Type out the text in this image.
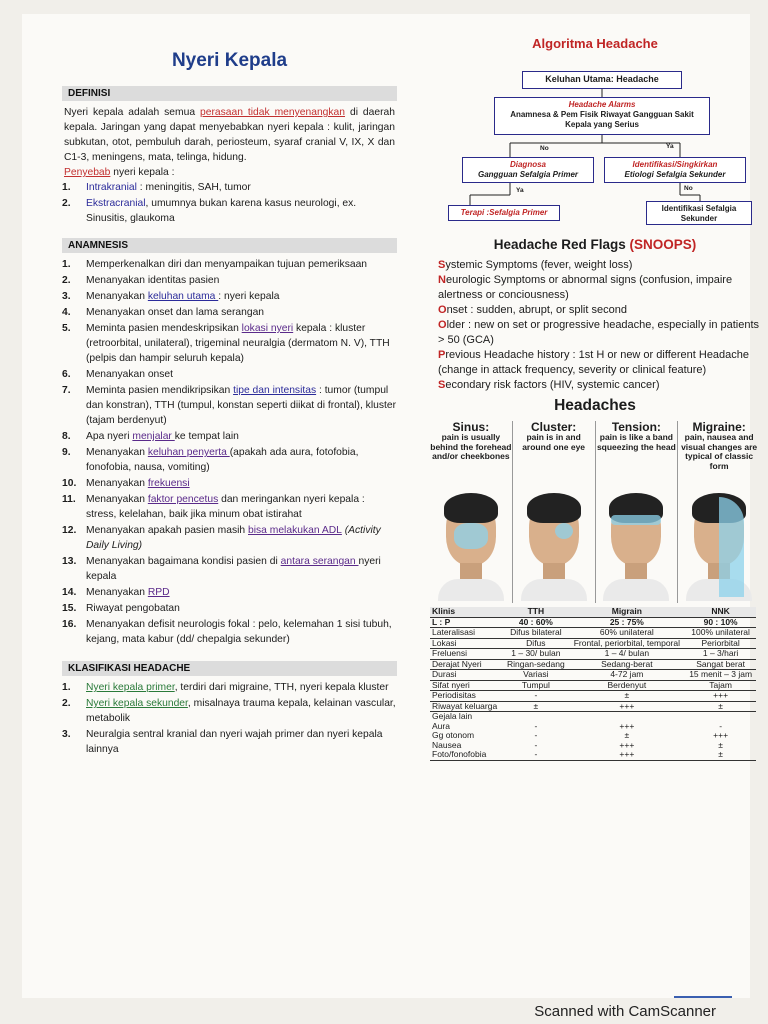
Nyeri Kepala
DEFINISI
Nyeri kepala adalah semua perasaan tidak menyenangkan di daerah kepala. Jaringan yang dapat menyebabkan nyeri kepala : kulit, jaringan subkutan, otot, pembuluh darah, periosteum, syaraf cranial V, IX, X dan C1-3, meningens, mata, telinga, hidung.
Penyebab nyeri kepala :
1. Intrakranial : meningitis, SAH, tumor
2. Ekstracranial, umumnya bukan karena kasus neurologi, ex. Sinusitis, glaukoma
ANAMNESIS
1. Memperkenalkan diri dan menyampaikan tujuan pemeriksaan
2. Menanyakan identitas pasien
3. Menanyakan keluhan utama : nyeri kepala
4. Menanyakan onset dan lama serangan
5. Meminta pasien mendeskripsikan lokasi nyeri kepala : kluster (retroorbital, unilateral), trigeminal neuralgia (dermatom N. V), TTH (pelpis dan hampir seluruh kepala)
6. Menanyakan onset
7. Meminta pasien mendikripsikan tipe dan intensitas : tumor (tumpul dan konstran), TTH (tumpul, konstan seperti diikat di frontal), kluster (tajam berdenyut)
8. Apa nyeri menjalar ke tempat lain
9. Menanyakan keluhan penyerta (apakah ada aura, fotofobia, fonofobia, nausa, vomiting)
10. Menanyakan frekuensi
11. Menanyakan faktor pencetus dan meringankan nyeri kepala : stress, kelelahan, baik jika minum obat istirahat
12. Menanyakan apakah pasien masih bisa melakukan ADL (Activity Daily Living)
13. Menanyakan bagaimana kondisi pasien di antara serangan nyeri kepala
14. Menanyakan RPD
15. Riwayat pengobatan
16. Menanyakan defisit neurologis fokal : pelo, kelemahan 1 sisi tubuh, kejang, mata kabur (dd/ chepalgia sekunder)
KLASIFIKASI HEADACHE
1. Nyeri kepala primer, terdiri dari migraine, TTH, nyeri kepala kluster
2. Nyeri kepala sekunder, misalnaya trauma kepala, kelainan vascular, metabolik
3. Neuralgia sentral kranial dan nyeri wajah primer dan nyeri kepala lainnya
Algoritma Headache
Keluhan Utama: Headache
Headache Alarms
Anamnesa & Pem Fisik Riwayat Gangguan Sakit Kepala yang Serius
No	Ya
Diagnosa
Gangguan Sefalgia Primer
Identifikasi/Singkirkan
Etiologi Sefalgia Sekunder
Ya	No
Terapi :Sefalgia Primer	Identifikasi Sefalgia Sekunder
Headache Red Flags (SNOOPS)
Systemic Symptoms (fever, weight loss)
Neurologic Symptoms or abnormal signs (confusion, impaire alertness or conciousness)
Onset : sudden, abrupt, or split second
Older : new on set or progressive headache, especially in patients > 50 (GCA)
Previous Headache history : 1st H or new or different Headache (change in attack frequency, severity or clinical feature)
Secondary risk factors (HIV, systemic cancer)
Headaches
Sinus:
pain is usually behind the forehead and/or cheekbones
Cluster:
pain is in and around one eye
Tension:
pain is like a band squeezing the head
Migraine:
pain, nausea and visual changes are typical of classic form
Klinis	TTH	Migrain	NNK
L : P	40 : 60%	25 : 75%	90 : 10%
Lateralisasi	Difus bilateral	60% unilateral	100% unilateral
Lokasi	Difus	Frontal, periorbital, temporal	Periorbital
Freluensi	1 – 30/ bulan	1 – 4/ bulan	1 – 3/hari
Derajat Nyeri	Ringan-sedang	Sedang-berat	Sangat berat
Durasi	Variasi	4-72 jam	15 menit – 3 jam
Sifat nyeri	Tumpul	Berdenyut	Tajam
Periodisitas	-	±	+++
Riwayat keluarga	±	+++	±
Gejala lain			
Aura	-	+++	-
Gg otonom	-	±	+++
Nausea	-	+++	±
Foto/fonofobia	-	+++	±
Scanned with CamScanner
